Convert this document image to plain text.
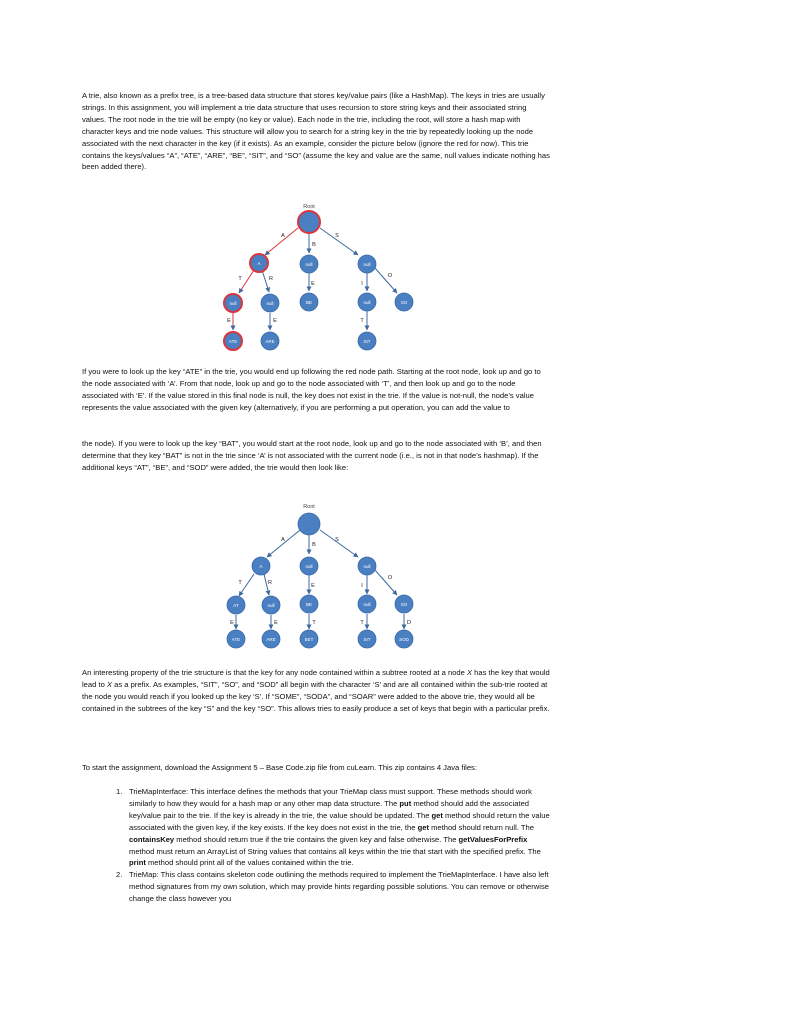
A trie, also known as a prefix tree, is a tree-based data structure that stores key/value pairs (like a HashMap). The keys in tries are usually strings. In this assignment, you will implement a trie data structure that uses recursion to store string keys and their associated string values. The root node in the trie will be empty (no key or value). Each node in the trie, including the root, will store a hash map with character keys and trie node values. This structure will allow you to search for a string key in the trie by repeatedly looking up the node associated with the next character in the key (if it exists). As an example, consider the picture below (ignore the red for now). This trie contains the keys/values “A”, “ATE”, “ARE”, “BE”, “SIT”, and “SO” (assume the key and value are the same, null values indicate nothing has been added there).

Root
A
B
S
T	R
E	I
O
E	E	T
A	null	null
null	null	BE	null	SO
ATE	ARE	SIT

If you were to look up the key “ATE” in the trie, you would end up following the red node path. Starting at the root node, look up and go to the node associated with ‘A’. From that node, look up and go to the node associated with ‘T’, and then look up and go to the node associated with ‘E’. If the value stored in this final node is null, the key does not exist in the trie. If the value is not-null, the node’s value represents the value associated with the given key (alternatively, if you are performing a put operation, you can add the value to

the node). If you were to look up the key “BAT”, you would start at the root node, look up and go to the node associated with ‘B’, and then determine that they key “BAT” is not in the trie since ‘A’ is not associated with the current node (i.e., is not in that node’s hashmap). If the additional keys “AT”, “BE”, and “SOD” were added, the trie would then look like:

Root
A
B
S
T	R	E	I
O
E	E	T	T	D
A	null	null
AT	null	BE	null	SO
ATE	ARE	BET	SIT	SOD

An interesting property of the trie structure is that the key for any node contained within a subtree rooted at a node X has the key that would lead to X as a prefix. As examples, “SIT”, “SO”, and “SOD” all begin with the character ‘S’ and are all contained within the sub-trie rooted at the node you would reach if you looked up the key ‘S’. If “SOME”, “SODA”, and “SOAR” were added to the above trie, they would all be contained in the subtrees of the key “S” and the key “SO”. This allows tries to easily produce a set of keys that begin with a particular prefix.

To start the assignment, download the Assignment 5 – Base Code.zip file from cuLearn. This zip contains 4 Java files:

1. TrieMapInterface: This interface defines the methods that your TrieMap class must support. These methods should work similarly to how they would for a hash map or any other map data structure. The put method should add the associated key/value pair to the trie. If the key is already in the trie, the value should be updated. The get method should return the value associated with the given key, if the key exists. If the key does not exist in the trie, the get method should return null. The containsKey method should return true if the trie contains the given key and false otherwise. The getValuesForPrefix method must return an ArrayList of String values that contains all keys within the trie that start with the specified prefix. The print method should print all of the values contained within the trie.
2. TrieMap: This class contains skeleton code outlining the methods required to implement the TrieMapInterface. I have also left method signatures from my own solution, which may provide hints regarding possible solutions. You can remove or otherwise change the class however you
